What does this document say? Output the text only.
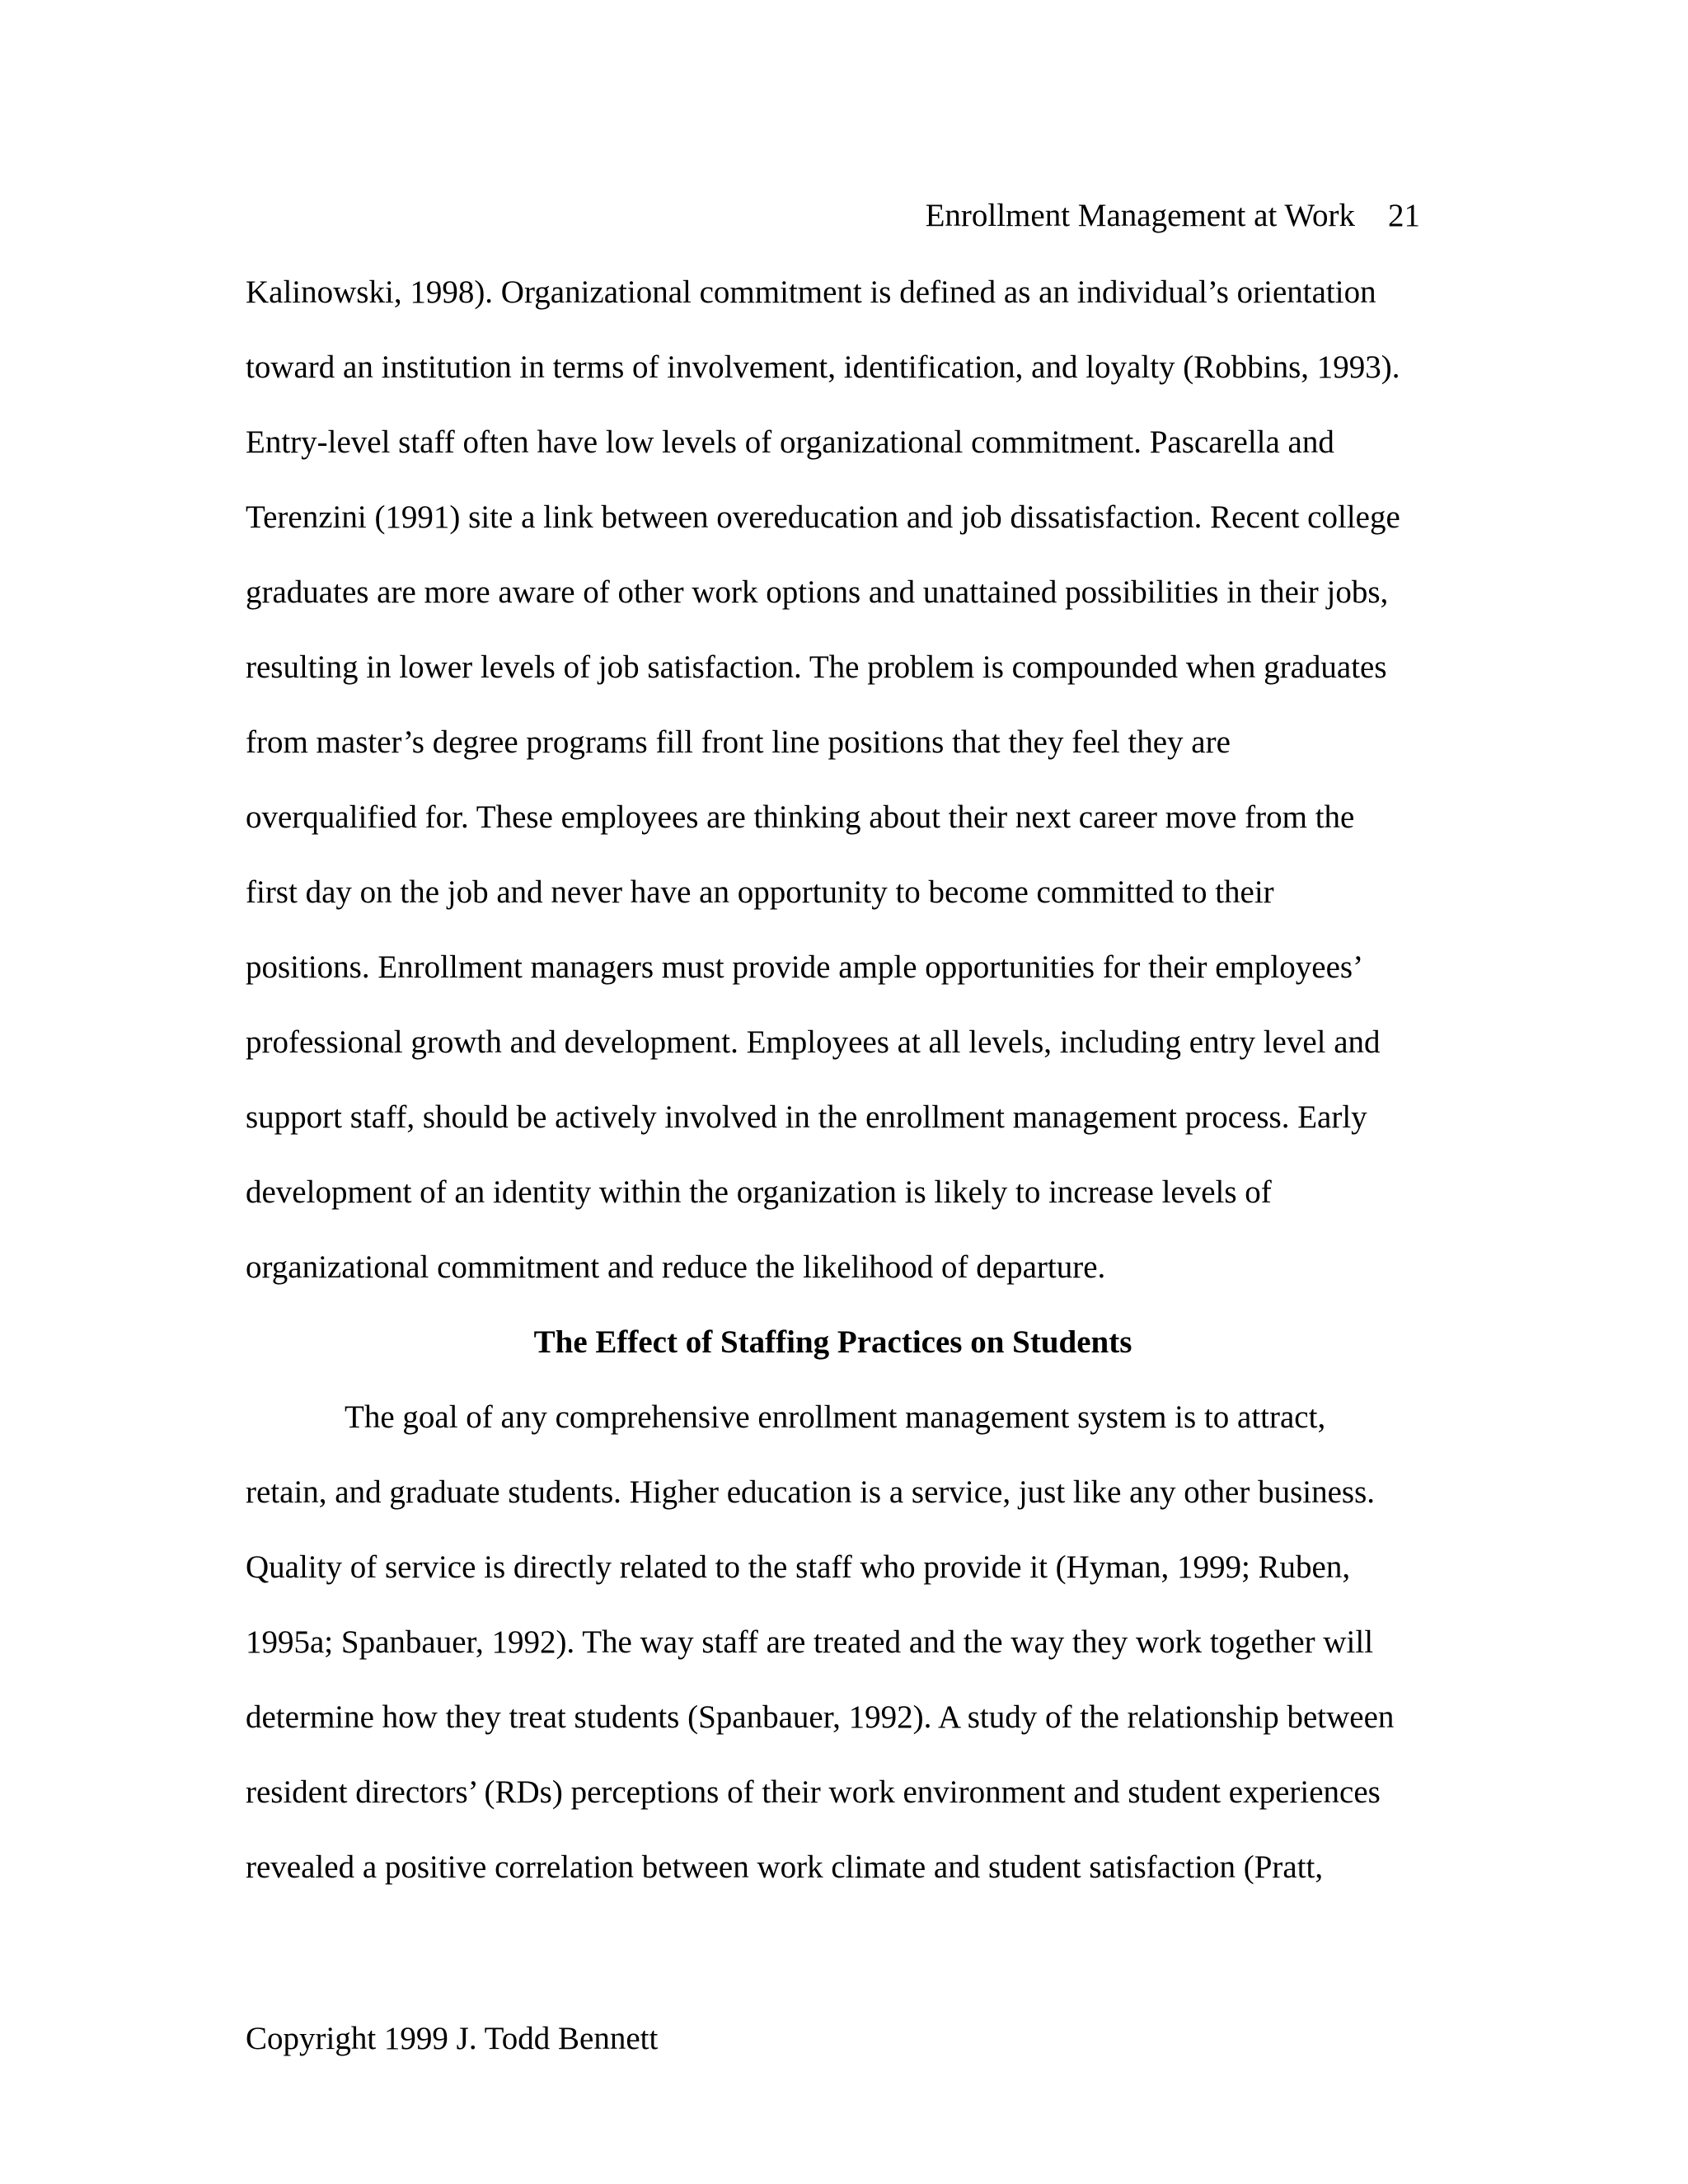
Enrollment Management at Work 21
Kalinowski, 1998). Organizational commitment is defined as an individual’s orientation
toward an institution in terms of involvement, identification, and loyalty (Robbins, 1993).
Entry-level staff often have low levels of organizational commitment. Pascarella and
Terenzini (1991) site a link between overeducation and job dissatisfaction. Recent college
graduates are more aware of other work options and unattained possibilities in their jobs,
resulting in lower levels of job satisfaction. The problem is compounded when graduates
from master’s degree programs fill front line positions that they feel they are
overqualified for. These employees are thinking about their next career move from the
first day on the job and never have an opportunity to become committed to their
positions. Enrollment managers must provide ample opportunities for their employees’
professional growth and development. Employees at all levels, including entry level and
support staff, should be actively involved in the enrollment management process. Early
development of an identity within the organization is likely to increase levels of
organizational commitment and reduce the likelihood of departure.
The Effect of Staffing Practices on Students
The goal of any comprehensive enrollment management system is to attract,
retain, and graduate students. Higher education is a service, just like any other business.
Quality of service is directly related to the staff who provide it (Hyman, 1999; Ruben,
1995a; Spanbauer, 1992). The way staff are treated and the way they work together will
determine how they treat students (Spanbauer, 1992). A study of the relationship between
resident directors’ (RDs) perceptions of their work environment and student experiences
revealed a positive correlation between work climate and student satisfaction (Pratt,
Copyright 1999 J. Todd Bennett
